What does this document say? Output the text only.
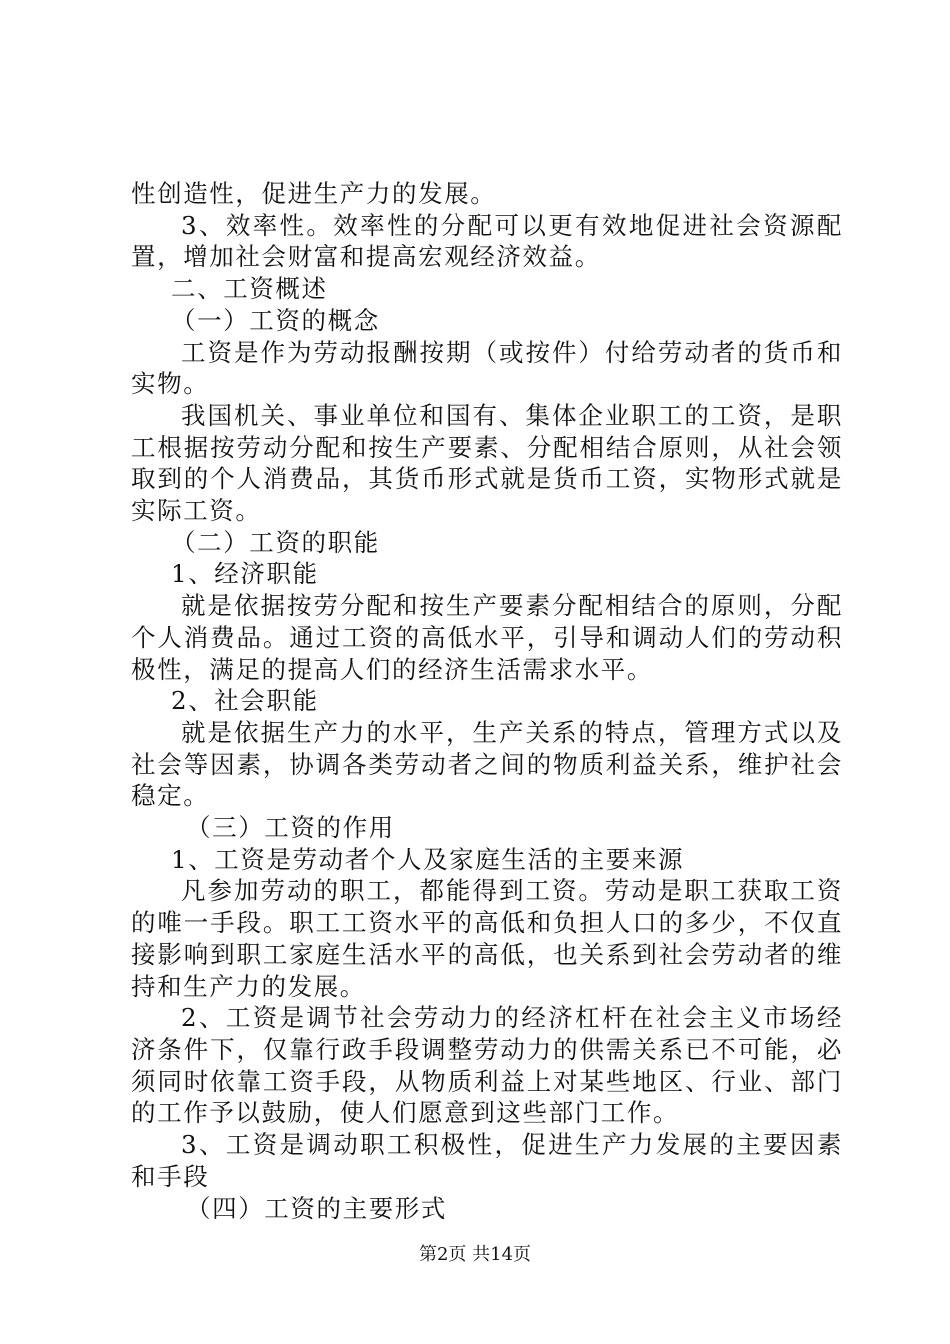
性创造性，促进生产力的发展。

3、效率性。效率性的分配可以更有效地促进社会资源配置，增加社会财富和提高宏观经济效益。

二、工资概述

（一）工资的概念

工资是作为劳动报酬按期（或按件）付给劳动者的货币和实物。

我国机关、事业单位和国有、集体企业职工的工资，是职工根据按劳动分配和按生产要素、分配相结合原则，从社会领取到的个人消费品，其货币形式就是货币工资，实物形式就是实际工资。

（二）工资的职能

1、经济职能

就是依据按劳分配和按生产要素分配相结合的原则，分配个人消费品。通过工资的高低水平，引导和调动人们的劳动积极性，满足的提高人们的经济生活需求水平。

2、社会职能

就是依据生产力的水平，生产关系的特点，管理方式以及社会等因素，协调各类劳动者之间的物质利益关系，维护社会稳定。

（三）工资的作用

1、工资是劳动者个人及家庭生活的主要来源

凡参加劳动的职工，都能得到工资。劳动是职工获取工资的唯一手段。职工工资水平的高低和负担人口的多少，不仅直接影响到职工家庭生活水平的高低，也关系到社会劳动者的维持和生产力的发展。

2、工资是调节社会劳动力的经济杠杆在社会主义市场经济条件下，仅靠行政手段调整劳动力的供需关系已不可能，必须同时依靠工资手段，从物质利益上对某些地区、行业、部门的工作予以鼓励，使人们愿意到这些部门工作。

3、工资是调动职工积极性，促进生产力发展的主要因素和手段

（四）工资的主要形式

第2页 共14页
